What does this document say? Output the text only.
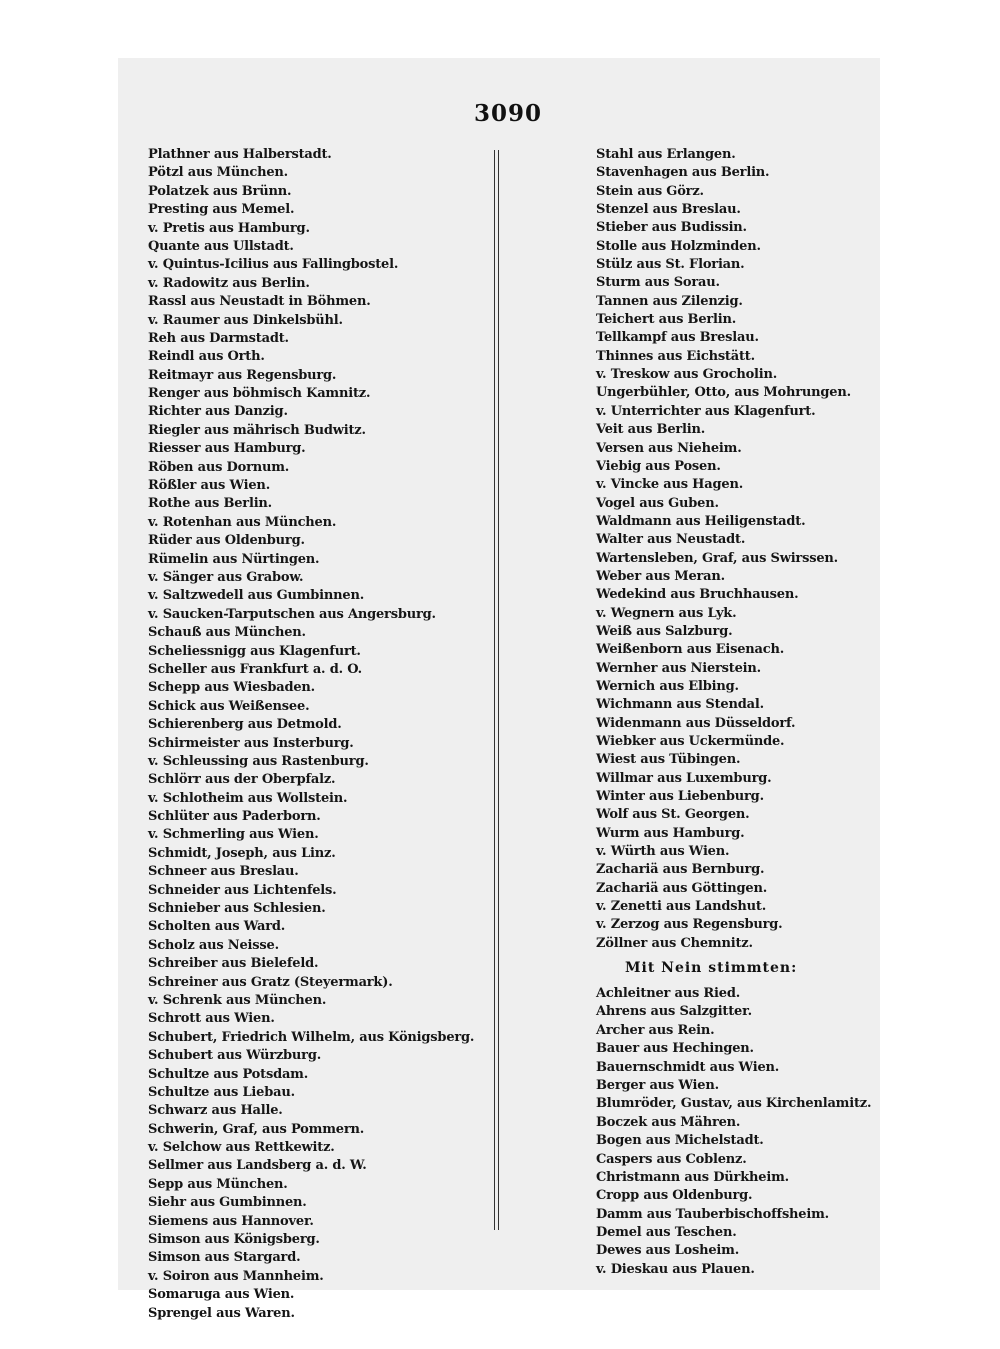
3090
Plathner aus Halberstadt.
Pötzl aus München.
Polatzek aus Brünn.
Presting aus Memel.
v. Pretis aus Hamburg.
Quante aus Ullstadt.
v. Quintus-Icilius aus Fallingbostel.
v. Radowitz aus Berlin.
Rassl aus Neustadt in Böhmen.
v. Raumer aus Dinkelsbühl.
Reh aus Darmstadt.
Reindl aus Orth.
Reitmayr aus Regensburg.
Renger aus böhmisch Kamnitz.
Richter aus Danzig.
Riegler aus mährisch Budwitz.
Riesser aus Hamburg.
Röben aus Dornum.
Rößler aus Wien.
Rothe aus Berlin.
v. Rotenhan aus München.
Rüder aus Oldenburg.
Rümelin aus Nürtingen.
v. Sänger aus Grabow.
v. Saltzwedell aus Gumbinnen.
v. Saucken-Tarputschen aus Angersburg.
Schauß aus München.
Scheliessnigg aus Klagenfurt.
Scheller aus Frankfurt a. d. O.
Schepp aus Wiesbaden.
Schick aus Weißensee.
Schierenberg aus Detmold.
Schirmeister aus Insterburg.
v. Schleussing aus Rastenburg.
Schlörr aus der Oberpfalz.
v. Schlotheim aus Wollstein.
Schlüter aus Paderborn.
v. Schmerling aus Wien.
Schmidt, Joseph, aus Linz.
Schneer aus Breslau.
Schneider aus Lichtenfels.
Schnieber aus Schlesien.
Scholten aus Ward.
Scholz aus Neisse.
Schreiber aus Bielefeld.
Schreiner aus Gratz (Steyermark).
v. Schrenk aus München.
Schrott aus Wien.
Schubert, Friedrich Wilhelm, aus Königsberg.
Schubert aus Würzburg.
Schultze aus Potsdam.
Schultze aus Liebau.
Schwarz aus Halle.
Schwerin, Graf, aus Pommern.
v. Selchow aus Rettkewitz.
Sellmer aus Landsberg a. d. W.
Sepp aus München.
Siehr aus Gumbinnen.
Siemens aus Hannover.
Simson aus Königsberg.
Simson aus Stargard.
v. Soiron aus Mannheim.
Somaruga aus Wien.
Sprengel aus Waren.
Stahl aus Erlangen.
Stavenhagen aus Berlin.
Stein aus Görz.
Stenzel aus Breslau.
Stieber aus Budissin.
Stolle aus Holzminden.
Stülz aus St. Florian.
Sturm aus Sorau.
Tannen aus Zilenzig.
Teichert aus Berlin.
Tellkampf aus Breslau.
Thinnes aus Eichstätt.
v. Treskow aus Grocholin.
Ungerbühler, Otto, aus Mohrungen.
v. Unterrichter aus Klagenfurt.
Veit aus Berlin.
Versen aus Nieheim.
Viebig aus Posen.
v. Vincke aus Hagen.
Vogel aus Guben.
Waldmann aus Heiligenstadt.
Walter aus Neustadt.
Wartensleben, Graf, aus Swirssen.
Weber aus Meran.
Wedekind aus Bruchhausen.
v. Wegnern aus Lyk.
Weiß aus Salzburg.
Weißenborn aus Eisenach.
Wernher aus Nierstein.
Wernich aus Elbing.
Wichmann aus Stendal.
Widenmann aus Düsseldorf.
Wiebker aus Uckermünde.
Wiest aus Tübingen.
Willmar aus Luxemburg.
Winter aus Liebenburg.
Wolf aus St. Georgen.
Wurm aus Hamburg.
v. Würth aus Wien.
Zachariä aus Bernburg.
Zachariä aus Göttingen.
v. Zenetti aus Landshut.
v. Zerzog aus Regensburg.
Zöllner aus Chemnitz.
Mit Nein stimmten:
Achleitner aus Ried.
Ahrens aus Salzgitter.
Archer aus Rein.
Bauer aus Hechingen.
Bauernschmidt aus Wien.
Berger aus Wien.
Blumröder, Gustav, aus Kirchenlamitz.
Boczek aus Mähren.
Bogen aus Michelstadt.
Caspers aus Coblenz.
Christmann aus Dürkheim.
Cropp aus Oldenburg.
Damm aus Tauberbischoffsheim.
Demel aus Teschen.
Dewes aus Losheim.
v. Dieskau aus Plauen.
